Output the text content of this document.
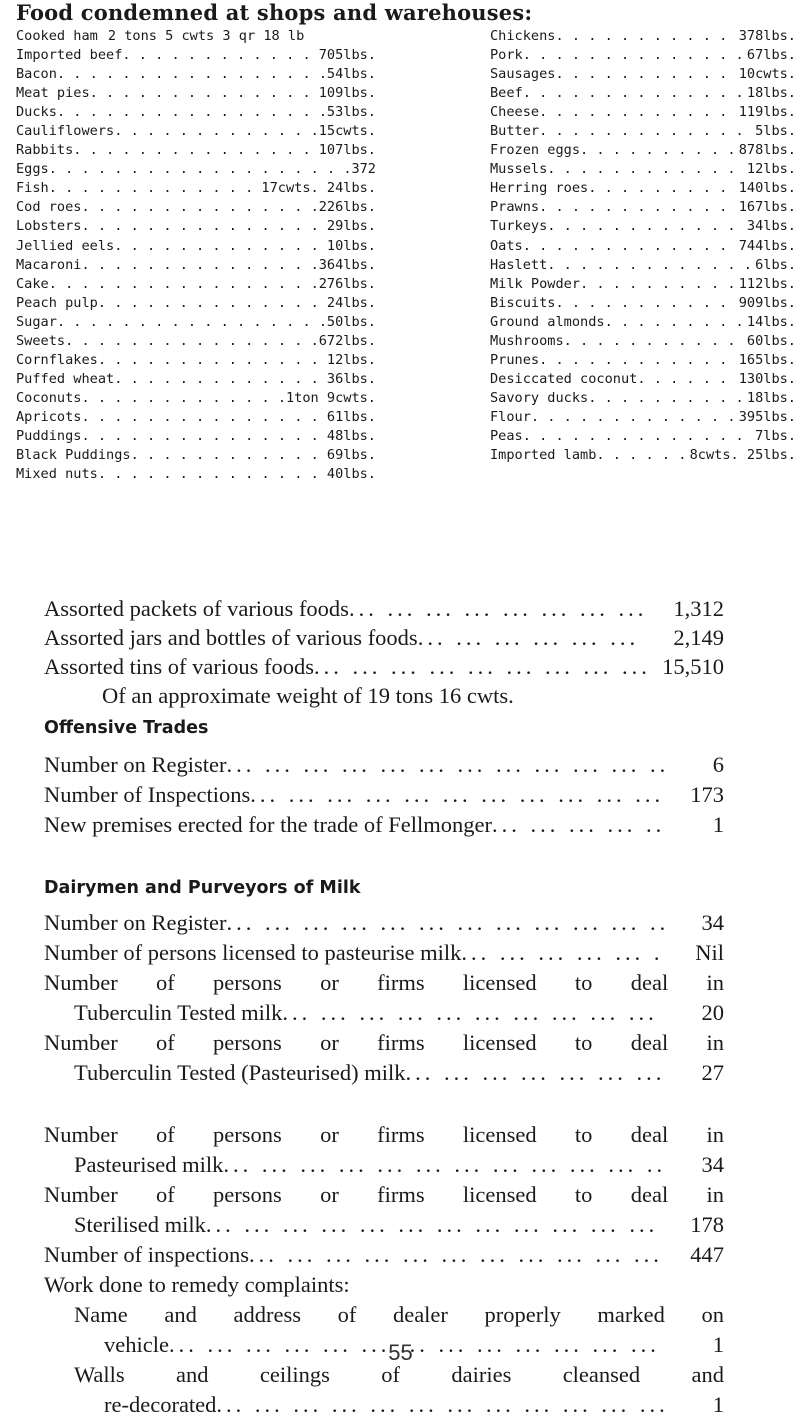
Food condemned at shops and warehouses:
Cooked ham 2 tons 5 cwts 3 qr 18 lb
Imported beef . . .	705lbs.
Bacon . . .	54lbs.
Meat pies . . .	109lbs.
Ducks . . .	53lbs.
Cauliflowers . . .	15cwts.
Rabbits . . .	107lbs.
Eggs . . .	372
Fish . . .	17cwts. 24lbs.
Cod roes . . .	226lbs.
Lobsters . . .	29lbs.
Jellied eels . . .	10lbs.
Macaroni . . .	364lbs.
Cake . . .	276lbs.
Peach pulp . . .	24lbs.
Sugar . . .	50lbs.
Sweets . . .	672lbs.
Cornflakes . . .	12lbs.
Puffed wheat . . .	36lbs.
Coconuts . . .	1ton 9cwts.
Apricots . . .	61lbs.
Puddings . . .	48lbs.
Black Puddings . . .	69lbs.
Mixed nuts . . .	40lbs.
Chickens . . .	378lbs.
Pork . . .	67lbs.
Sausages . . .	10cwts.
Beef . . .	18lbs.
Cheese . . .	119lbs.
Butter . . .	5lbs.
Frozen eggs . . .	878lbs.
Mussels . . .	12lbs.
Herring roes . . .	140lbs.
Prawns . . .	167lbs.
Turkeys . . .	34lbs.
Oats . . .	744lbs.
Haslett . . .	6lbs.
Milk Powder . . .	112lbs.
Biscuits . . .	909lbs.
Ground almonds . . .	14lbs.
Mushrooms . . .	60lbs.
Prunes . . .	165lbs.
Desiccated coconut . . .	130lbs.
Savory ducks . . .	18lbs.
Flour . . .	395lbs.
Peas . . .	7lbs.
Imported lamb . . .	8cwts. 25lbs.
Assorted packets of various foods ...	1,312
Assorted jars and bottles of various foods ...	2,149
Assorted tins of various foods ...	15,510
Of an approximate weight of 19 tons 16 cwts.
Offensive Trades
Number on Register ...	6
Number of Inspections ...	173
New premises erected for the trade of Fellmonger ...	1
Dairymen and Purveyors of Milk
Number on Register ...	34
Number of persons licensed to pasteurise milk ...	Nil
Number of persons or firms licensed to deal in
Tuberculin Tested milk ...	20
Number of persons or firms licensed to deal in
Tuberculin Tested (Pasteurised) milk ...	27
Number of persons or firms licensed to deal in
Pasteurised milk ...	34
Number of persons or firms licensed to deal in
Sterilised milk ...	178
Number of inspections ...	447
Work done to remedy complaints:
Name and address of dealer properly marked on
vehicle ...	1
Walls and ceilings of dairies cleansed and
re-decorated ...	1
55
